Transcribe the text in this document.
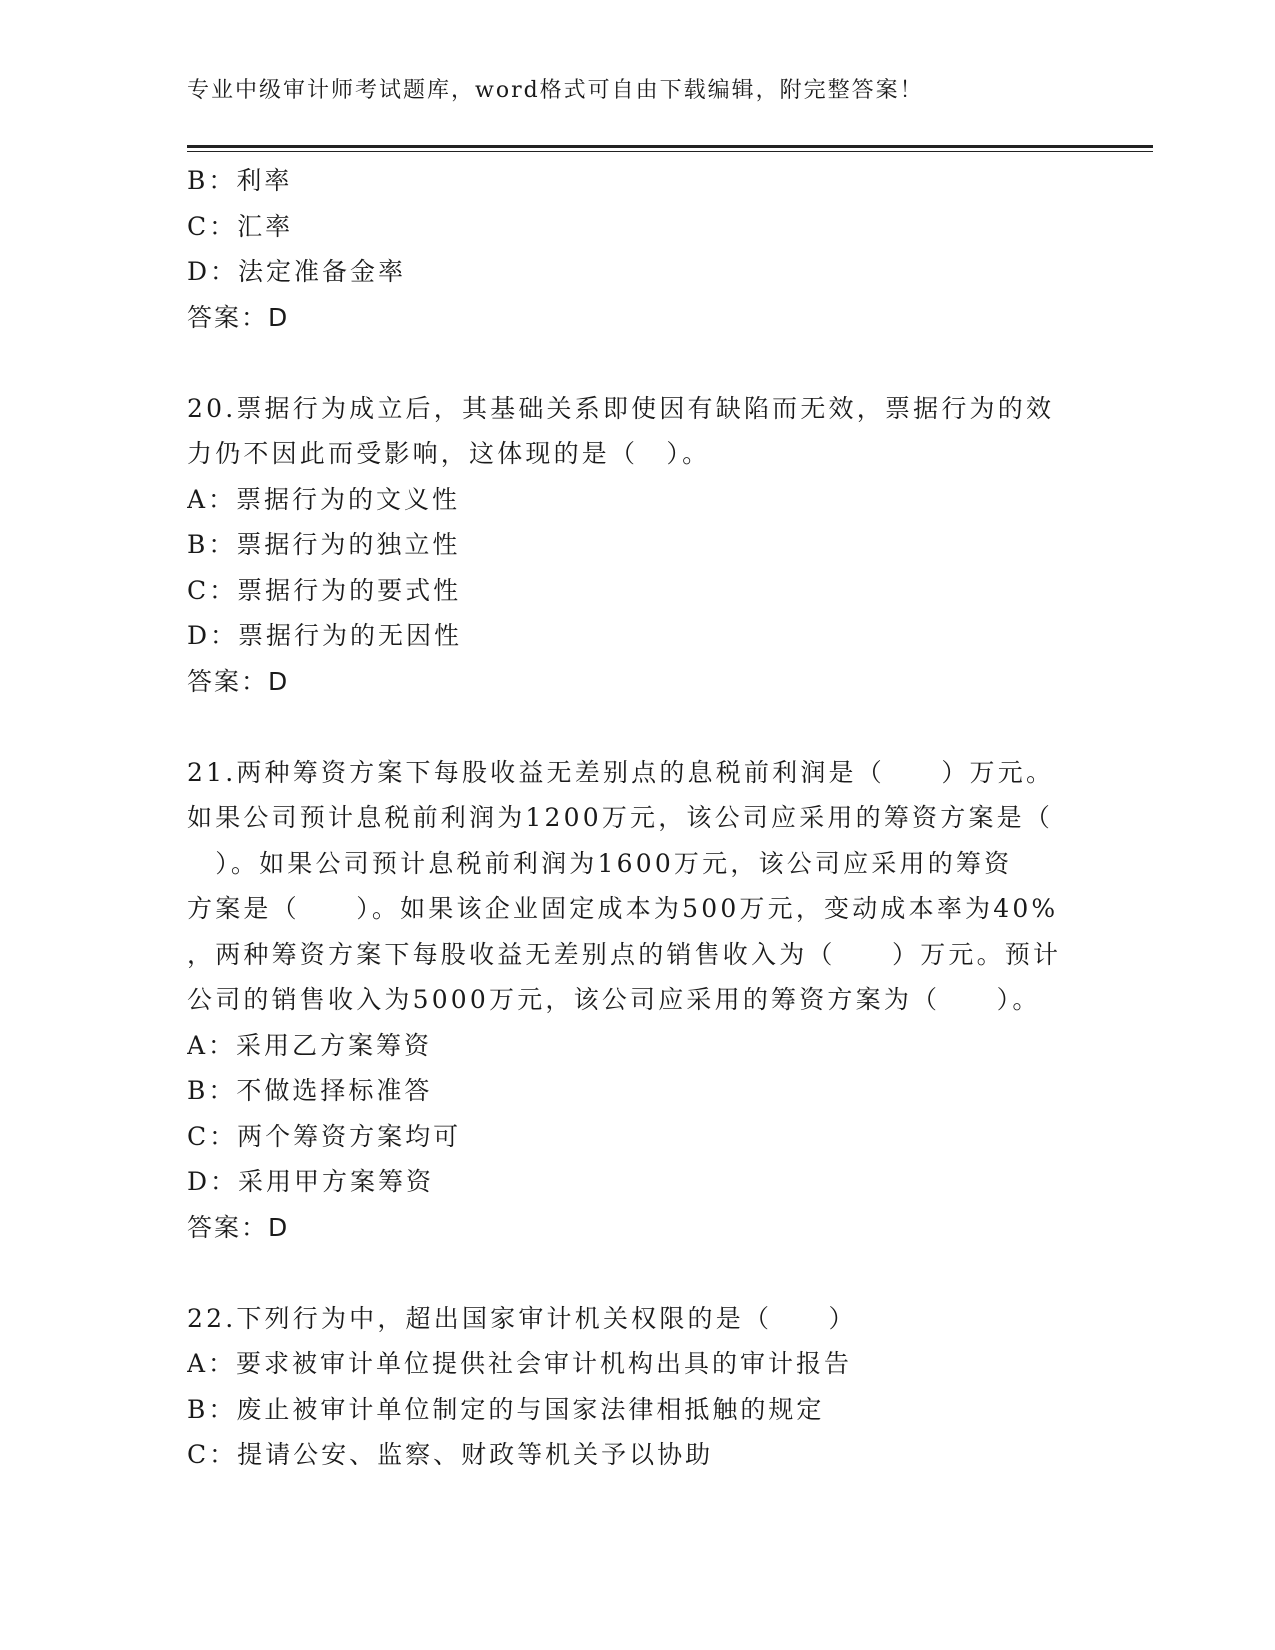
专业中级审计师考试题库，word格式可自由下载编辑，附完整答案！
B：利率
C：汇率
D：法定准备金率
答案：D
20.票据行为成立后，其基础关系即使因有缺陷而无效，票据行为的效
力仍不因此而受影响，这体现的是（　）。
A：票据行为的文义性
B：票据行为的独立性
C：票据行为的要式性
D：票据行为的无因性
答案：D
21.两种筹资方案下每股收益无差别点的息税前利润是（　　）万元。
如果公司预计息税前利润为1200万元，该公司应采用的筹资方案是（
　）。如果公司预计息税前利润为1600万元，该公司应采用的筹资
方案是（　　）。如果该企业固定成本为500万元，变动成本率为40%
，两种筹资方案下每股收益无差别点的销售收入为（　　）万元。预计
公司的销售收入为5000万元，该公司应采用的筹资方案为（　　）。
A：采用乙方案筹资
B：不做选择标准答
C：两个筹资方案均可
D：采用甲方案筹资
答案：D
22.下列行为中，超出国家审计机关权限的是（　　）
A：要求被审计单位提供社会审计机构出具的审计报告
B：废止被审计单位制定的与国家法律相抵触的规定
C：提请公安、监察、财政等机关予以协助
